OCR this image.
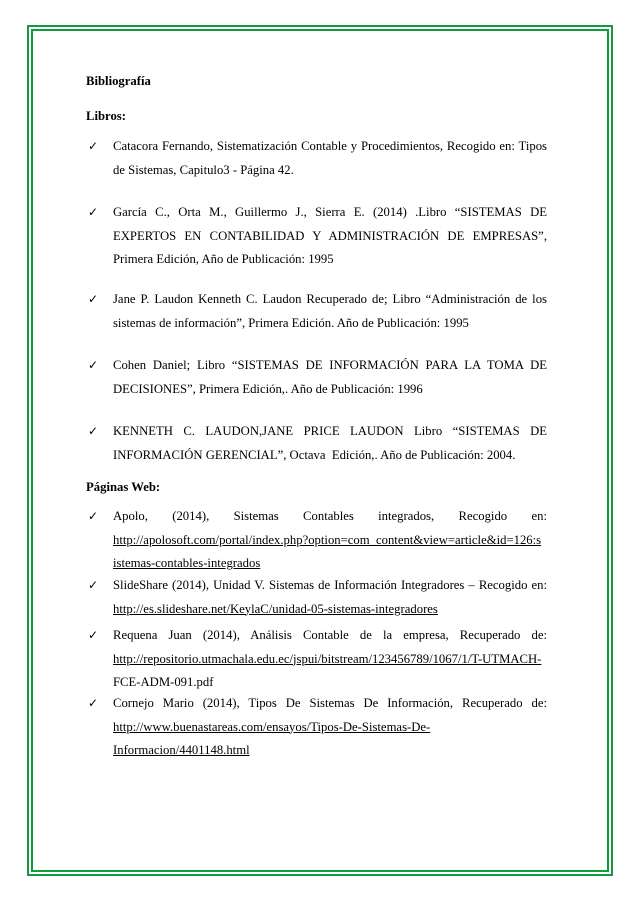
Bibliografía
Libros:
✓
Catacora Fernando, Sistematización Contable y Procedimientos, Recogido en: Tipos
de Sistemas, Capitulo3 - Página 42.
✓
García C., Orta M., Guillermo J., Sierra E. (2014) .Libro “SISTEMAS DE
EXPERTOS EN CONTABILIDAD Y ADMINISTRACIÓN DE EMPRESAS”,
Primera Edición, Año de Publicación: 1995
✓
Jane P. Laudon Kenneth C. Laudon Recuperado de; Libro “Administración de los
sistemas de información”, Primera Edición. Año de Publicación: 1995
✓
Cohen Daniel; Libro “SISTEMAS DE INFORMACIÓN PARA LA TOMA DE
DECISIONES”, Primera Edición,. Año de Publicación: 1996
✓
KENNETH C. LAUDON,JANE PRICE LAUDON Libro “SISTEMAS DE
INFORMACIÓN GERENCIAL”, Octava  Edición,. Año de Publicación: 2004.
Páginas Web:
✓
Apolo, (2014), Sistemas Contables integrados, Recogido en:
http://apolosoft.com/portal/index.php?option=com_content&view=article&id=126:s
istemas-contables-integrados
✓
SlideShare (2014), Unidad V. Sistemas de Información Integradores – Recogido en:
http://es.slideshare.net/KeylaC/unidad-05-sistemas-integradores
✓
Requena Juan (2014), Análisis Contable de la empresa, Recuperado de:
http://repositorio.utmachala.edu.ec/jspui/bitstream/123456789/1067/1/T-UTMACH-
FCE-ADM-091.pdf
✓
Cornejo Mario (2014), Tipos De Sistemas De Información, Recuperado de:
http://www.buenastareas.com/ensayos/Tipos-De-Sistemas-De-
Informacion/4401148.html
